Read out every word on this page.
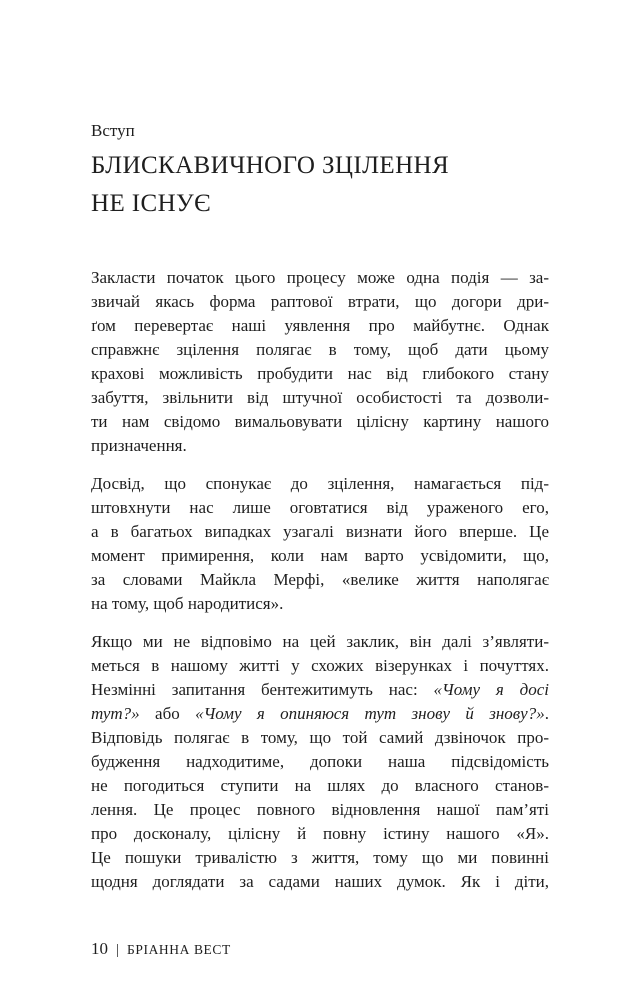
Вступ
БЛИСКАВИЧНОГО ЗЦІЛЕННЯ
НЕ ІСНУЄ
Закласти початок цього процесу може одна подія — за-
звичай якась форма раптової втрати, що догори дри-
ґом перевертає наші уявлення про майбутнє. Однак
справжнє зцілення полягає в тому, щоб дати цьому
крахові можливість пробудити нас від глибокого стану
забуття, звільнити від штучної особистості та дозволи-
ти нам свідомо вимальовувати цілісну картину нашого
призначення.
Досвід, що спонукає до зцілення, намагається під-
штовхнути нас лише оговтатися від ураженого его,
а в багатьох випадках узагалі визнати його вперше. Це
момент примирення, коли нам варто усвідомити, що,
за словами Майкла Мерфі, «велике життя наполягає
на тому, щоб народитися».
Якщо ми не відповімо на цей заклик, він далі з’являти-
меться в нашому житті у схожих візерунках і почуттях.
Незмінні запитання бентежитимуть нас: «Чому я досі
тут?» або «Чому я опиняюся тут знову й знову?».
Відповідь полягає в тому, що той самий дзвіночок про-
будження надходитиме, допоки наша підсвідомість
не погодиться ступити на шлях до власного станов-
лення. Це процес повного відновлення нашої пам’яті
про досконалу, цілісну й повну істину нашого «Я».
Це пошуки тривалістю з життя, тому що ми повинні
щодня доглядати за садами наших думок. Як і діти,
10 | БРІАННА ВЕСТ
